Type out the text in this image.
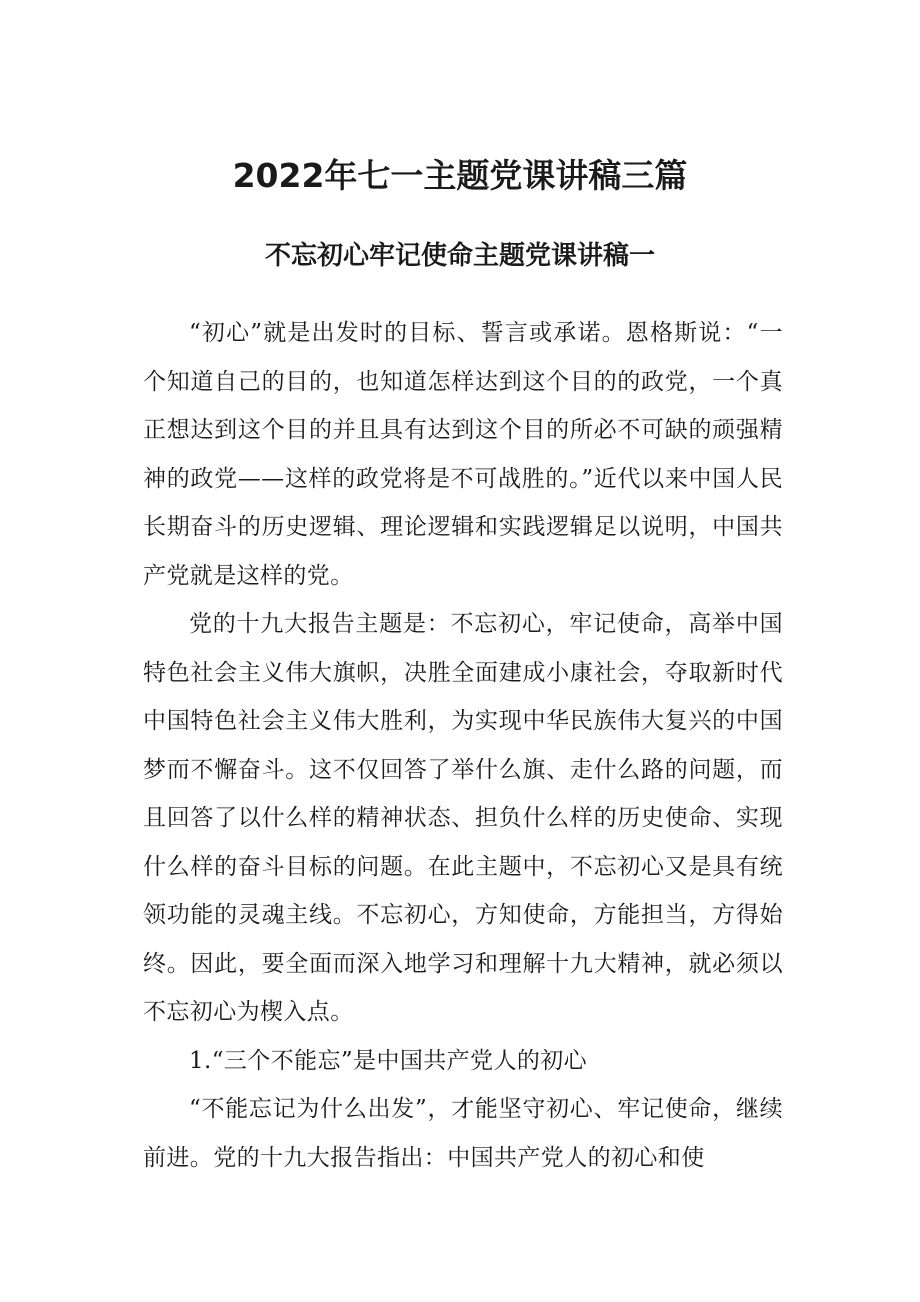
2022年七一主题党课讲稿三篇
不忘初心牢记使命主题党课讲稿一

“初心”就是出发时的目标、誓言或承诺。恩格斯说：“一个知道自己的目的，也知道怎样达到这个目的的政党，一个真正想达到这个目的并且具有达到这个目的所必不可缺的顽强精神的政党——这样的政党将是不可战胜的。”近代以来中国人民长期奋斗的历史逻辑、理论逻辑和实践逻辑足以说明，中国共产党就是这样的党。

党的十九大报告主题是：不忘初心，牢记使命，高举中国特色社会主义伟大旗帜，决胜全面建成小康社会，夺取新时代中国特色社会主义伟大胜利，为实现中华民族伟大复兴的中国梦而不懈奋斗。这不仅回答了举什么旗、走什么路的问题，而且回答了以什么样的精神状态、担负什么样的历史使命、实现什么样的奋斗目标的问题。在此主题中，不忘初心又是具有统领功能的灵魂主线。不忘初心，方知使命，方能担当，方得始终。因此，要全面而深入地学习和理解十九大精神，就必须以不忘初心为楔入点。

1.“三个不能忘”是中国共产党人的初心

“不能忘记为什么出发”，才能坚守初心、牢记使命，继续前进。党的十九大报告指出：中国共产党人的初心和使
